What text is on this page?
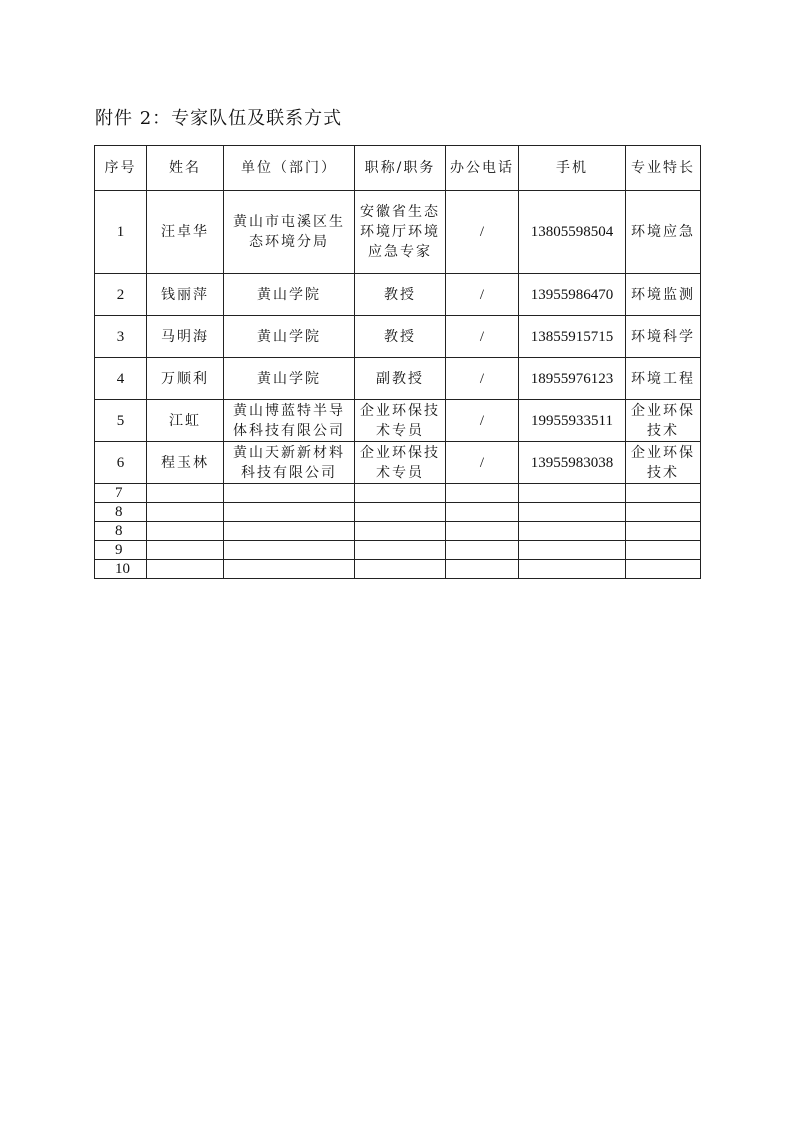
附件 2：专家队伍及联系方式
序号	姓名	单位（部门）	职称/职务	办公电话	手机	专业特长
1	汪卓华	黄山市屯溪区生态环境分局	安徽省生态环境厅环境应急专家	/	13805598504	环境应急
2	钱丽萍	黄山学院	教授	/	13955986470	环境监测
3	马明海	黄山学院	教授	/	13855915715	环境科学
4	万顺利	黄山学院	副教授	/	18955976123	环境工程
5	江虹	黄山博蓝特半导体科技有限公司	企业环保技术专员	/	19955933511	企业环保技术
6	程玉林	黄山天新新材料科技有限公司	企业环保技术专员	/	13955983038	企业环保技术
7						
8						
8						
9						
10						
